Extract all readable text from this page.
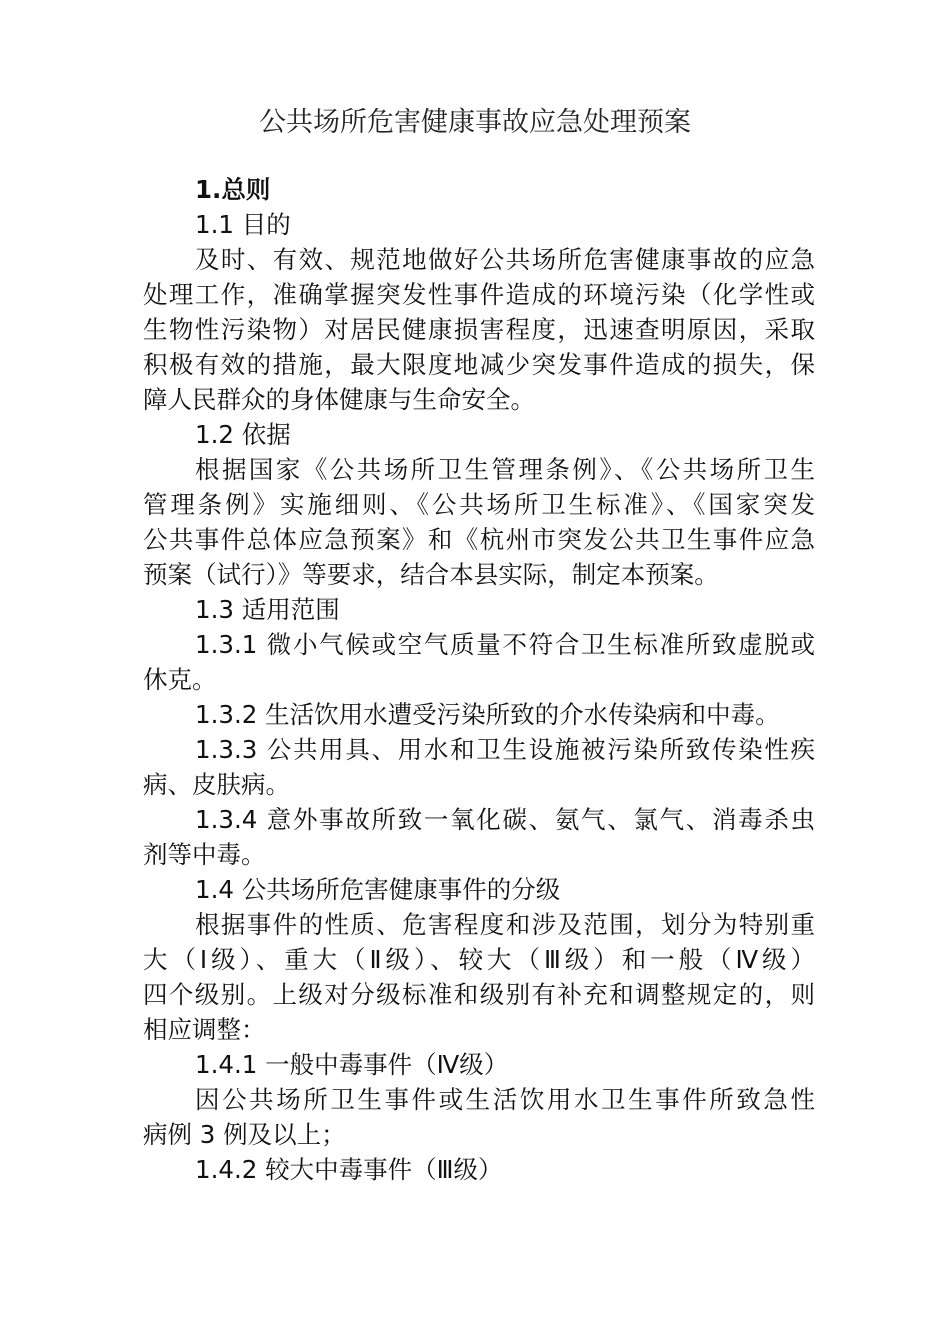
公共场所危害健康事故应急处理预案

1.总则

1.1 目的

及时、有效、规范地做好公共场所危害健康事故的应急
处理工作，准确掌握突发性事件造成的环境污染（化学性或
生物性污染物）对居民健康损害程度，迅速查明原因，采取
积极有效的措施，最大限度地减少突发事件造成的损失，保
障人民群众的身体健康与生命安全。

1.2 依据

根据国家《公共场所卫生管理条例》、《公共场所卫生
管理条例》实施细则、《公共场所卫生标准》、《国家突发
公共事件总体应急预案》和《杭州市突发公共卫生事件应急
预案（试行）》等要求，结合本县实际，制定本预案。

1.3 适用范围

1.3.1 微小气候或空气质量不符合卫生标准所致虚脱或
休克。

1.3.2 生活饮用水遭受污染所致的介水传染病和中毒。

1.3.3 公共用具、用水和卫生设施被污染所致传染性疾
病、皮肤病。

1.3.4 意外事故所致一氧化碳、氨气、氯气、消毒杀虫
剂等中毒。

1.4 公共场所危害健康事件的分级

根据事件的性质、危害程度和涉及范围，划分为特别重
大（Ⅰ级）、重大（Ⅱ级）、较大（Ⅲ级）和一般（Ⅳ级）
四个级别。上级对分级标准和级别有补充和调整规定的，则
相应调整：

1.4.1 一般中毒事件（Ⅳ级）

因公共场所卫生事件或生活饮用水卫生事件所致急性
病例 3 例及以上；

1.4.2 较大中毒事件（Ⅲ级）
